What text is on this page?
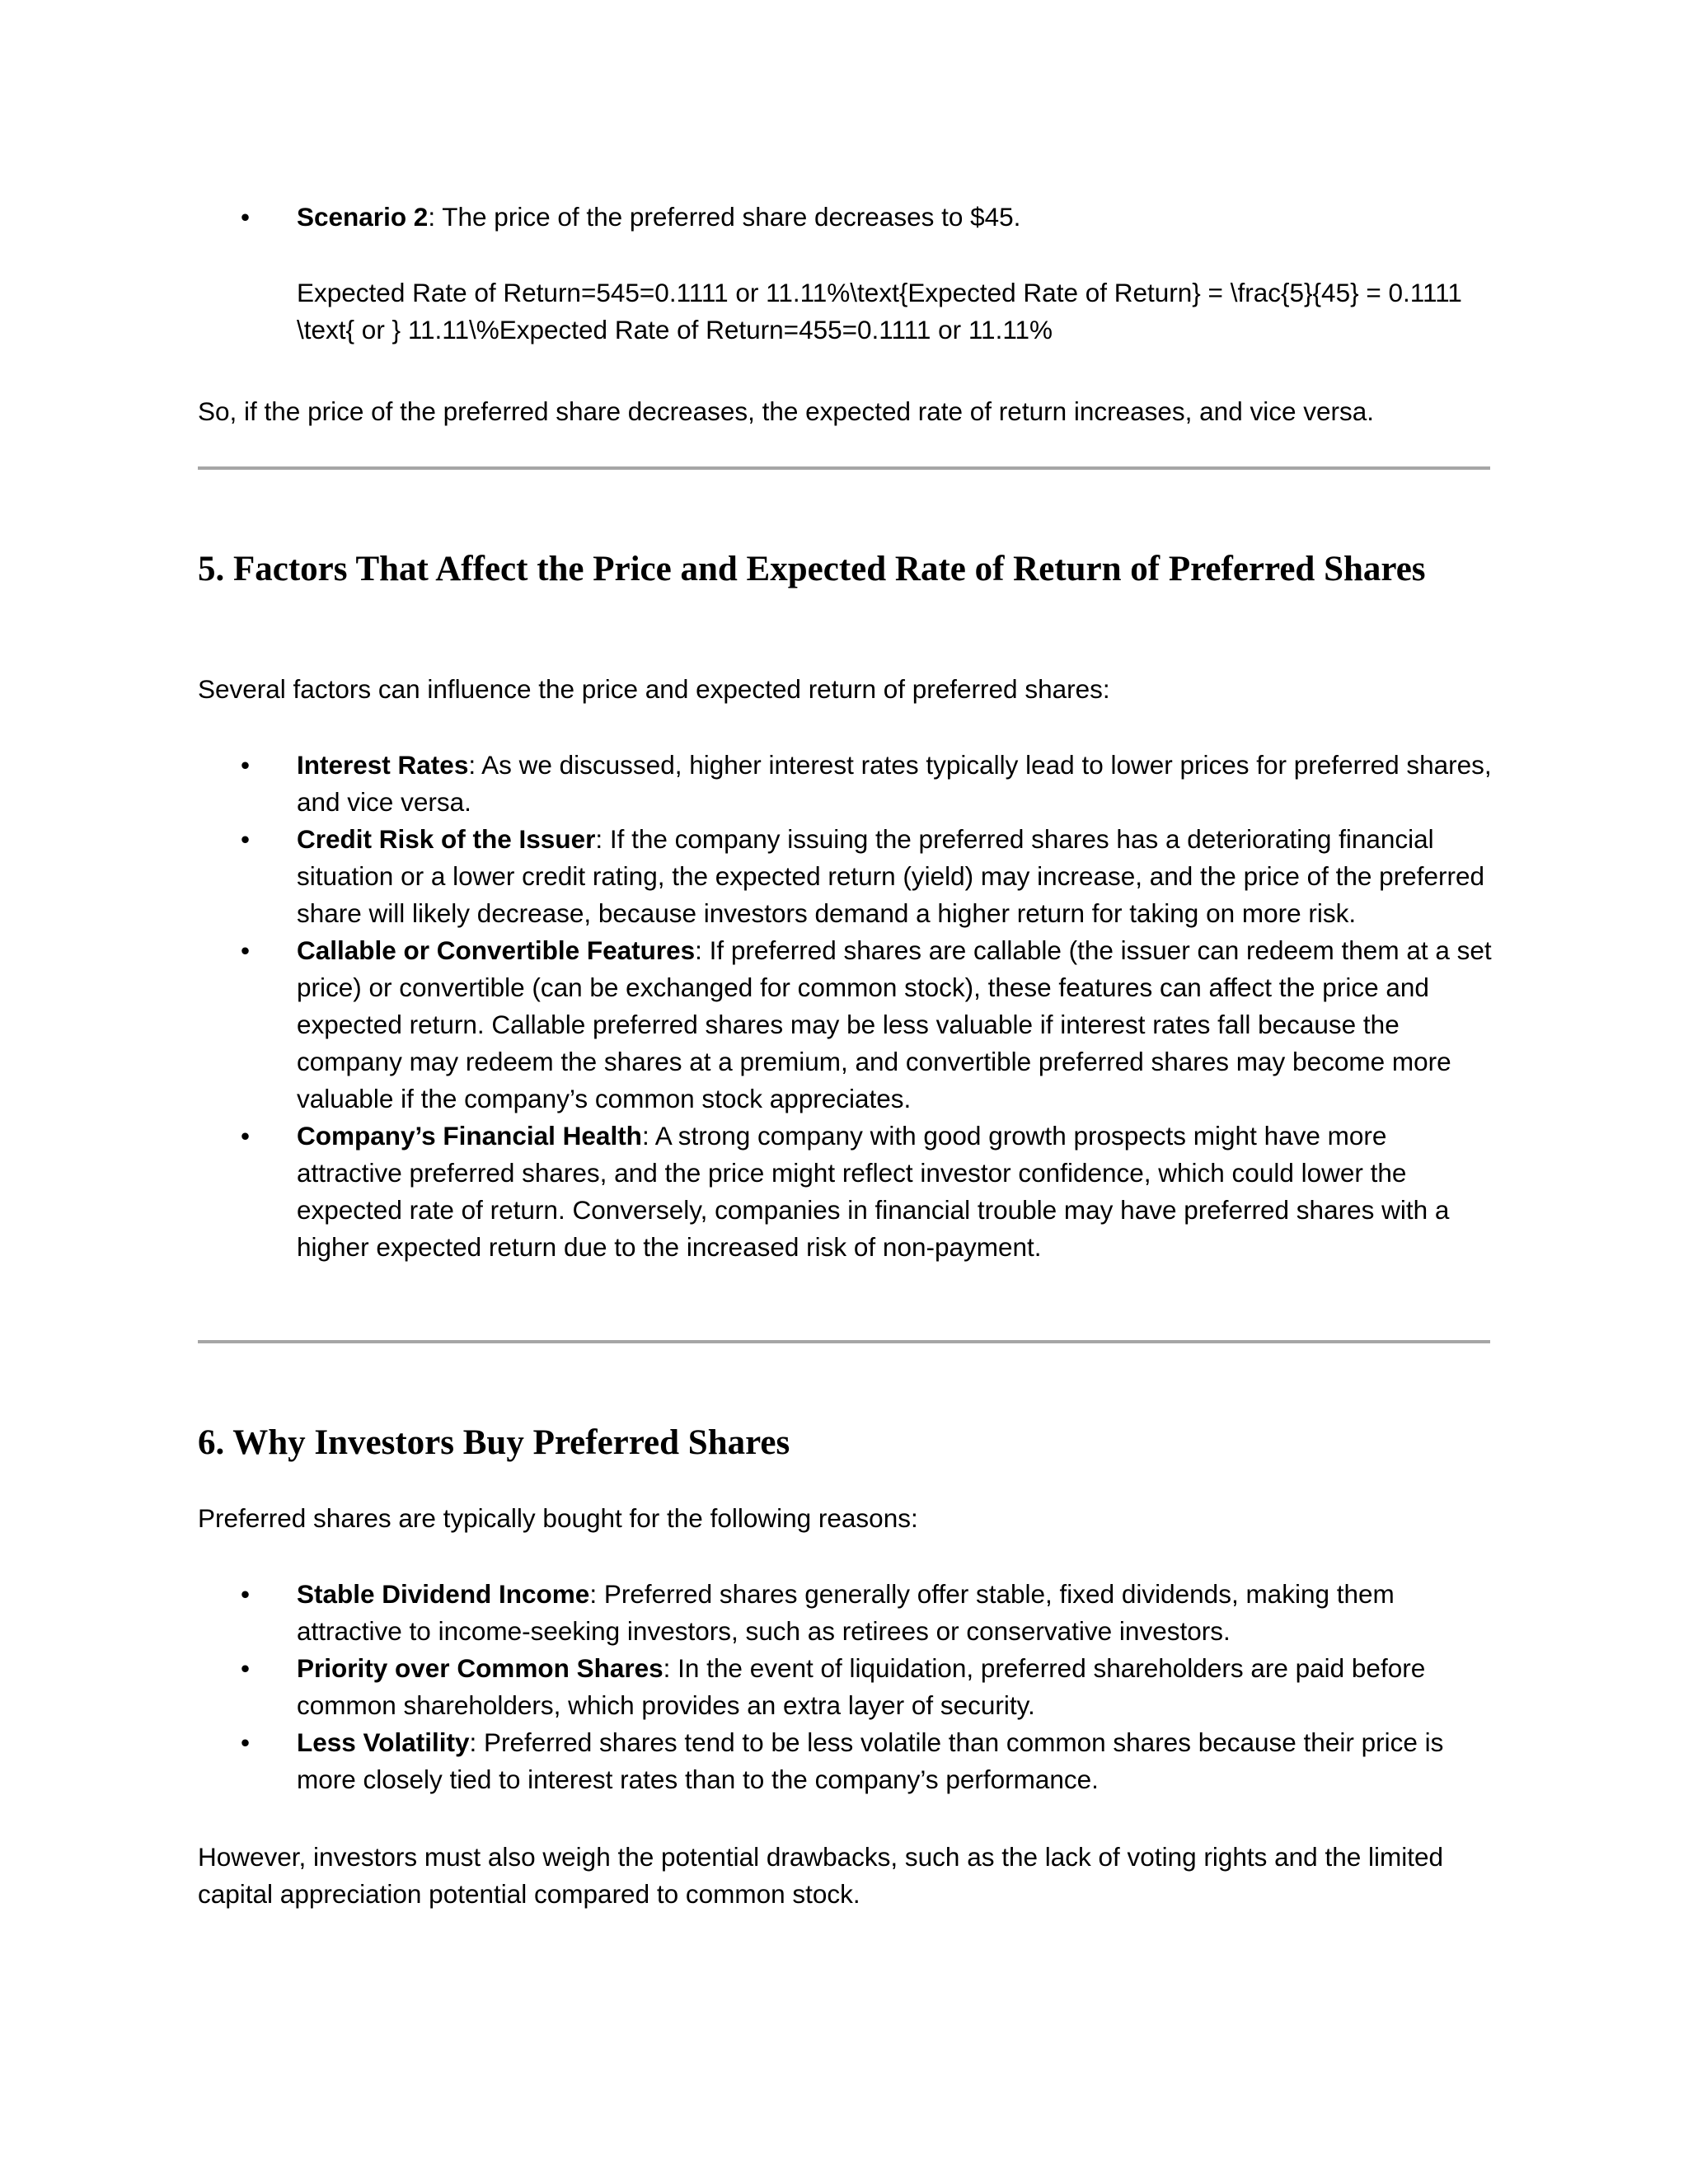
• Scenario 2: The price of the preferred share decreases to $45.
Expected Rate of Return=545=0.1111 or 11.11%\text{Expected Rate of Return} = \frac{5}{45} = 0.1111 \text{ or } 11.11\%Expected Rate of Return=455​=0.1111 or 11.11%

So, if the price of the preferred share decreases, the expected rate of return increases, and vice versa.

5. Factors That Affect the Price and Expected Rate of Return of Preferred Shares

Several factors can influence the price and expected return of preferred shares:

• Interest Rates: As we discussed, higher interest rates typically lead to lower prices for preferred shares, and vice versa.
• Credit Risk of the Issuer: If the company issuing the preferred shares has a deteriorating financial situation or a lower credit rating, the expected return (yield) may increase, and the price of the preferred share will likely decrease, because investors demand a higher return for taking on more risk.
• Callable or Convertible Features: If preferred shares are callable (the issuer can redeem them at a set price) or convertible (can be exchanged for common stock), these features can affect the price and expected return. Callable preferred shares may be less valuable if interest rates fall because the company may redeem the shares at a premium, and convertible preferred shares may become more valuable if the company’s common stock appreciates.
• Company’s Financial Health: A strong company with good growth prospects might have more attractive preferred shares, and the price might reflect investor confidence, which could lower the expected rate of return. Conversely, companies in financial trouble may have preferred shares with a higher expected return due to the increased risk of non-payment.
6. Why Investors Buy Preferred Shares

Preferred shares are typically bought for the following reasons:

• Stable Dividend Income: Preferred shares generally offer stable, fixed dividends, making them attractive to income-seeking investors, such as retirees or conservative investors.
• Priority over Common Shares: In the event of liquidation, preferred shareholders are paid before common shareholders, which provides an extra layer of security.
• Less Volatility: Preferred shares tend to be less volatile than common shares because their price is more closely tied to interest rates than to the company’s performance.

However, investors must also weigh the potential drawbacks, such as the lack of voting rights and the limited capital appreciation potential compared to common stock.
